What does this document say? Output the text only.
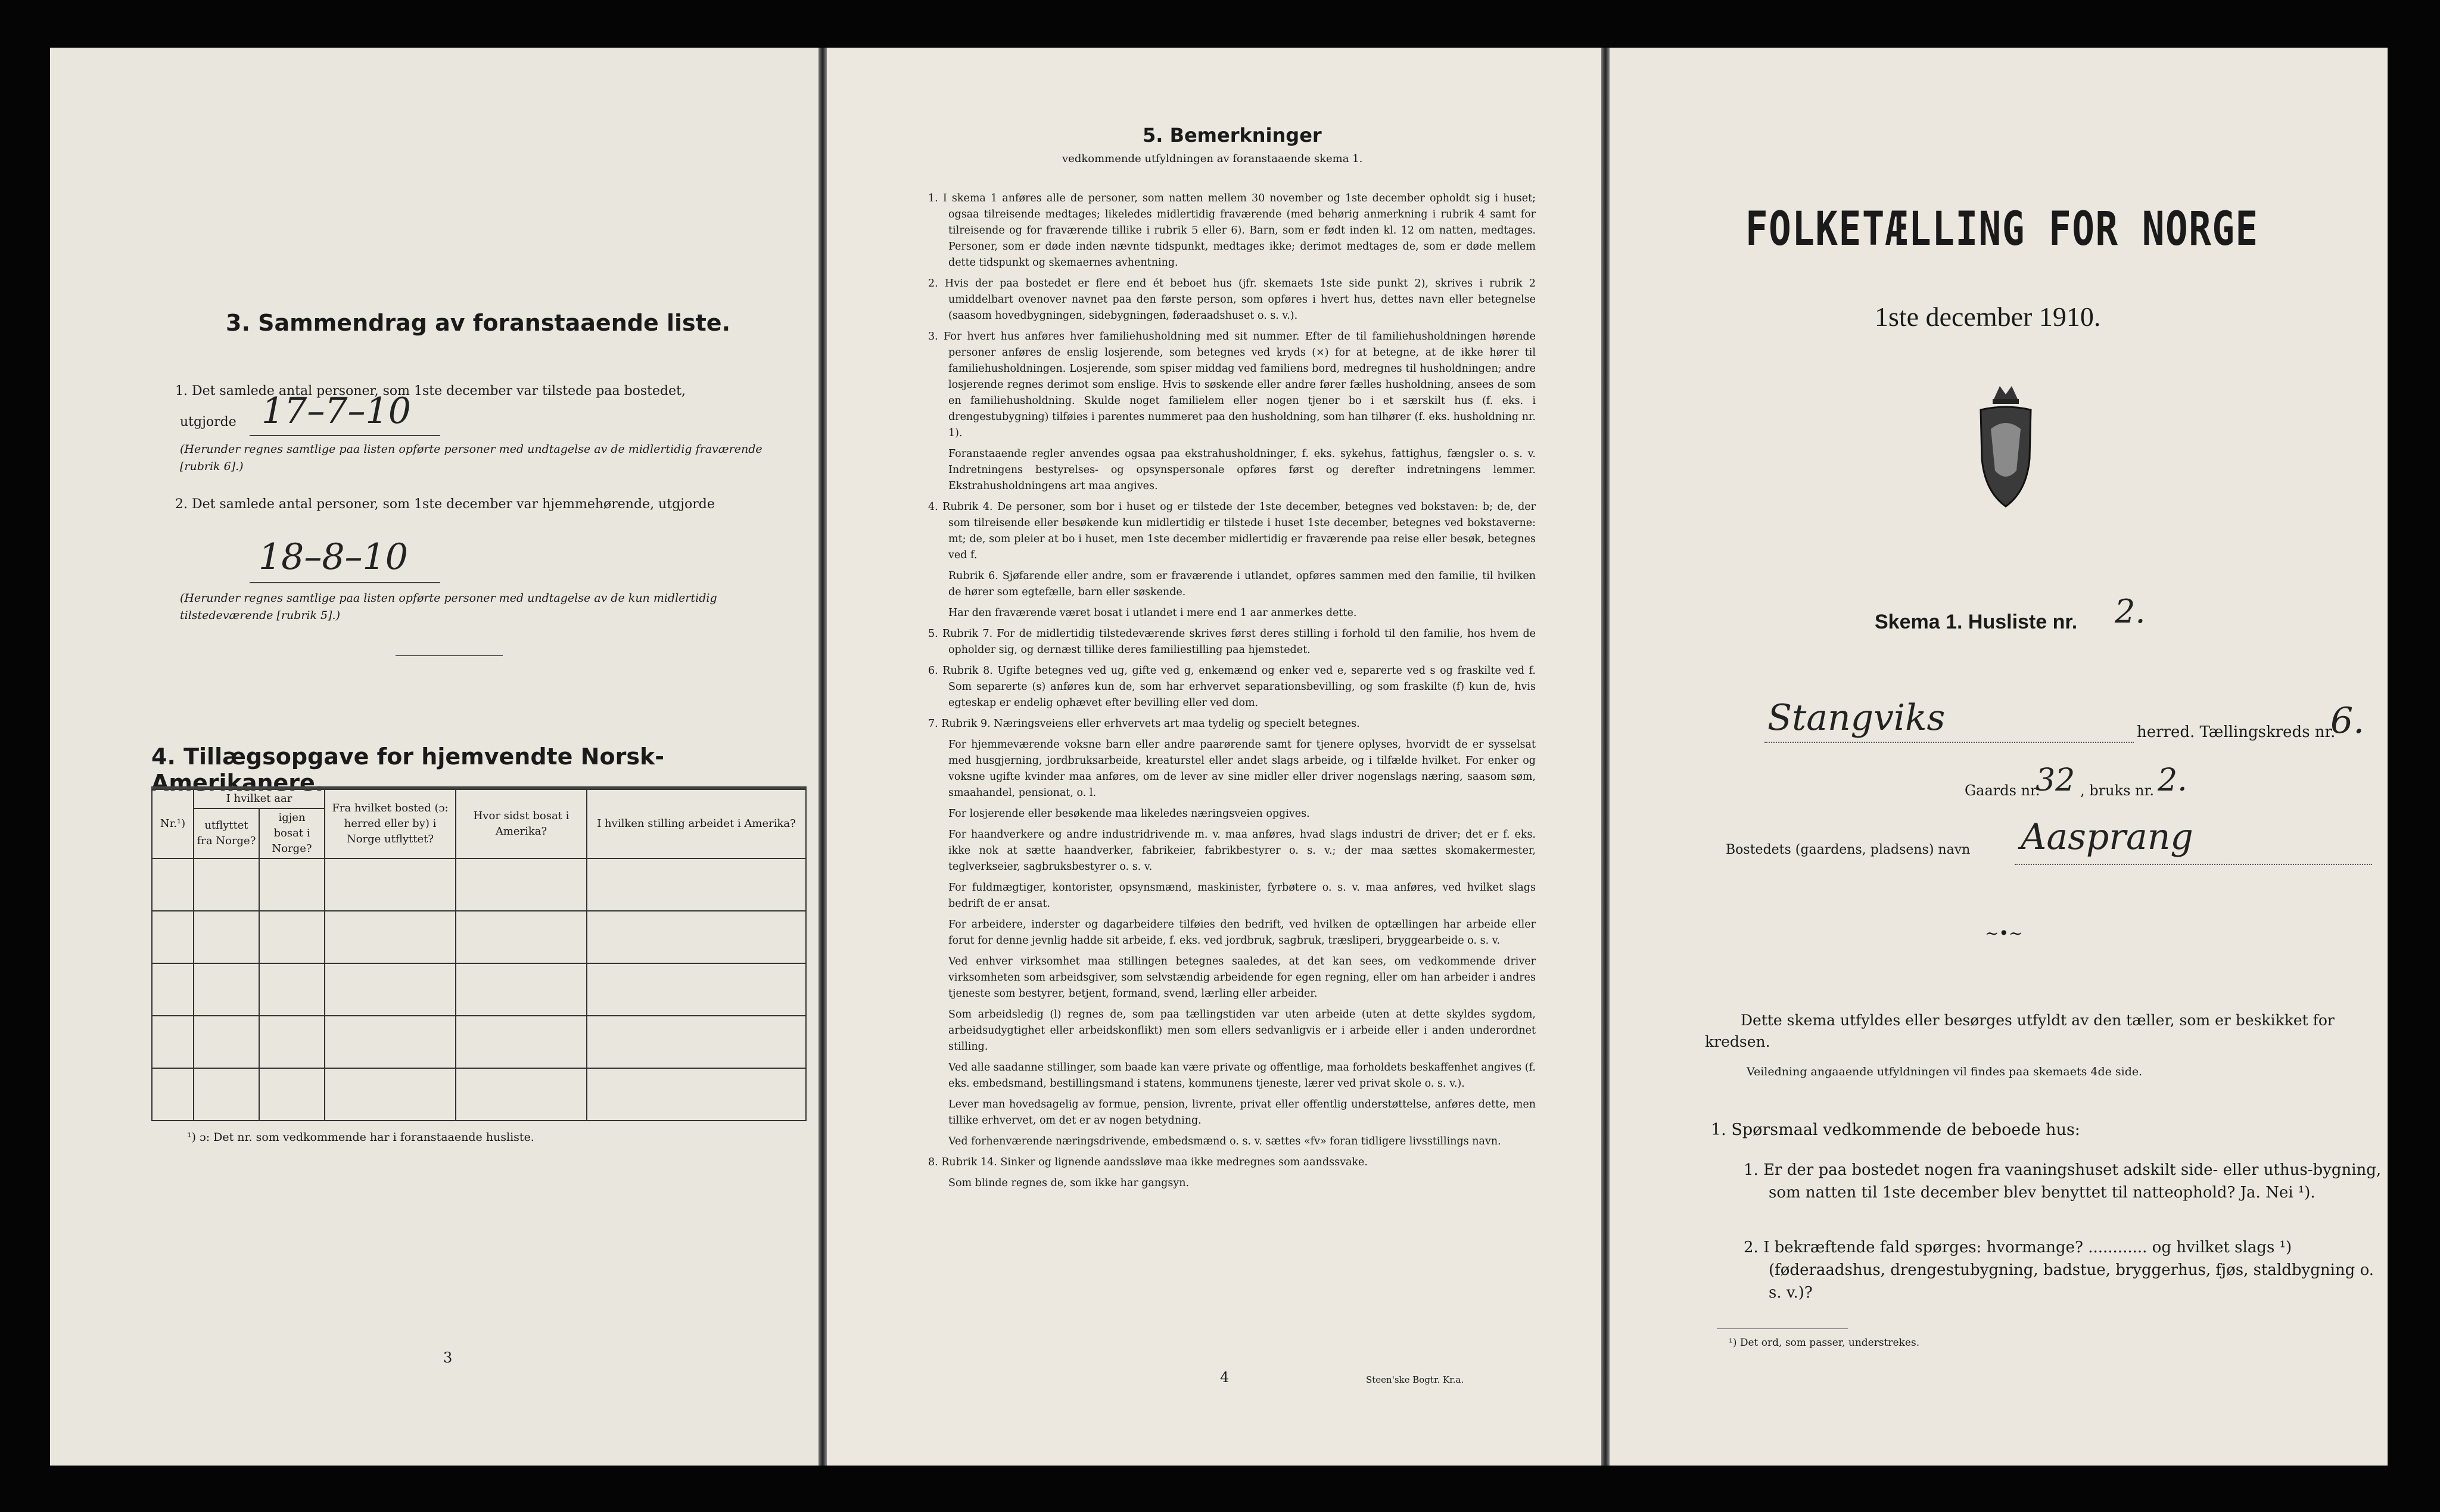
3. Sammendrag av foranstaaende liste.
1. Det samlede antal personer, som 1ste december var tilstede paa bostedet,
utgjorde 17–7–10
(Herunder regnes samtlige paa listen opførte personer med undtagelse av de midlertidig fraværende [rubrik 6].)
2. Det samlede antal personer, som 1ste december var hjemmehørende, utgjorde
18–8–10
(Herunder regnes samtlige paa listen opførte personer med undtagelse av de kun midlertidig tilstedeværende [rubrik 5].)
4. Tillægsopgave for hjemvendte Norsk-Amerikanere.
Nr.¹)	I hvilket aar		Fra hvilket bosted (ɔ: herred eller by) i Norge utflyttet?	Hvor sidst bosat i Amerika?	I hvilken stilling arbeidet i Amerika?
	utflyttet fra Norge?	igjen bosat i Norge?			

¹) ɔ: Det nr. som vedkommende har i foranstaaende husliste.
3
5. Bemerkninger
vedkommende utfyldningen av foranstaaende skema 1.

1. I skema 1 anføres alle de personer, som natten mellem 30 november og 1ste december opholdt sig i huset; ogsaa tilreisende medtages; likeledes midlertidig fraværende (med behørig anmerkning i rubrik 4 samt for tilreisende og for fraværende tillike i rubrik 5 eller 6). Barn, som er født inden kl. 12 om natten, medtages. Personer, som er døde inden nævnte tidspunkt, medtages ikke; derimot medtages de, som er døde mellem dette tidspunkt og skemaernes avhentning.

2. Hvis der paa bostedet er flere end ét beboet hus (jfr. skemaets 1ste side punkt 2), skrives i rubrik 2 umiddelbart ovenover navnet paa den første person, som opføres i hvert hus, dettes navn eller betegnelse (saasom hovedbygningen, sidebygningen, føderaadshuset o. s. v.).

3. For hvert hus anføres hver familiehusholdning med sit nummer. Efter de til familiehusholdningen hørende personer anføres de enslig losjerende, som betegnes ved kryds (×) for at betegne, at de ikke hører til familiehusholdningen. Losjerende, som spiser middag ved familiens bord, medregnes til husholdningen; andre losjerende regnes derimot som enslige. Hvis to søskende eller andre fører fælles husholdning, ansees de som en familiehusholdning. Skulde noget familielem eller nogen tjener bo i et særskilt hus (f. eks. i drengestubygning) tilføies i parentes nummeret paa den husholdning, som han tilhører (f. eks. husholdning nr. 1).

Foranstaaende regler anvendes ogsaa paa ekstrahusholdninger, f. eks. sykehus, fattighus, fængsler o. s. v. Indretningens bestyrelses- og opsynspersonale opføres først og derefter indretningens lemmer. Ekstrahusholdningens art maa angives.

4. Rubrik 4. De personer, som bor i huset og er tilstede der 1ste december, betegnes ved bokstaven: b; de, der som tilreisende eller besøkende kun midlertidig er tilstede i huset 1ste december, betegnes ved bokstaverne: mt; de, som pleier at bo i huset, men 1ste december midlertidig er fraværende paa reise eller besøk, betegnes ved f.

Rubrik 6. Sjøfarende eller andre, som er fraværende i utlandet, opføres sammen med den familie, til hvilken de hører som egtefælle, barn eller søskende.

Har den fraværende været bosat i utlandet i mere end 1 aar anmerkes dette.

5. Rubrik 7. For de midlertidig tilstedeværende skrives først deres stilling i forhold til den familie, hos hvem de opholder sig, og dernæst tillike deres familiestilling paa hjemstedet.

6. Rubrik 8. Ugifte betegnes ved ug, gifte ved g, enkemænd og enker ved e, separerte ved s og fraskilte ved f. Som separerte (s) anføres kun de, som har erhvervet separationsbevilling, og som fraskilte (f) kun de, hvis egteskap er endelig ophævet efter bevilling eller ved dom.

7. Rubrik 9. Næringsveiens eller erhvervets art maa tydelig og specielt betegnes.

For hjemmeværende voksne barn eller andre paarørende samt for tjenere oplyses, hvorvidt de er sysselsat med husgjerning, jordbruksarbeide, kreaturstel eller andet slags arbeide, og i tilfælde hvilket. For enker og voksne ugifte kvinder maa anføres, om de lever av sine midler eller driver nogenslags næring, saasom søm, smaahandel, pensionat, o. l.

For losjerende eller besøkende maa likeledes næringsveien opgives.

For haandverkere og andre industridrivende m. v. maa anføres, hvad slags industri de driver; det er f. eks. ikke nok at sætte haandverker, fabrikeier, fabrikbestyrer o. s. v.; der maa sættes skomakermester, teglverkseier, sagbruksbestyrer o. s. v.

For fuldmægtiger, kontorister, opsynsmænd, maskinister, fyrbøtere o. s. v. maa anføres, ved hvilket slags bedrift de er ansat.

For arbeidere, inderster og dagarbeidere tilføies den bedrift, ved hvilken de optællingen har arbeide eller forut for denne jevnlig hadde sit arbeide, f. eks. ved jordbruk, sagbruk, træsliperi, bryggearbeide o. s. v.

Ved enhver virksomhet maa stillingen betegnes saaledes, at det kan sees, om vedkommende driver virksomheten som arbeidsgiver, som selvstændig arbeidende for egen regning, eller om han arbeider i andres tjeneste som bestyrer, betjent, formand, svend, lærling eller arbeider.

Som arbeidsledig (l) regnes de, som paa tællingstiden var uten arbeide (uten at dette skyldes sygdom, arbeidsudygtighet eller arbeidskonflikt) men som ellers sedvanligvis er i arbeide eller i anden underordnet stilling.

Ved alle saadanne stillinger, som baade kan være private og offentlige, maa forholdets beskaffenhet angives (f. eks. embedsmand, bestillingsmand i statens, kommunens tjeneste, lærer ved privat skole o. s. v.).

Lever man hovedsagelig av formue, pension, livrente, privat eller offentlig understøttelse, anføres dette, men tillike erhvervet, om det er av nogen betydning.

Ved forhenværende næringsdrivende, embedsmænd o. s. v. sættes «fv» foran tidligere livsstillings navn.

8. Rubrik 14. Sinker og lignende aandssløve maa ikke medregnes som aandssvake.

Som blinde regnes de, som ikke har gangsyn.

4	Steen'ske Bogtr. Kr.a.
FOLKETÆLLING FOR NORGE
1ste december 1910.
Skema 1. Husliste nr. 2.
Stangviks	herred. Tællingskreds nr.
6.
Gaards nr.
32 , bruks nr. 2.
Bostedets (gaardens, pladsens) navn Aasprang
~•~
Dette skema utfyldes eller besørges utfyldt av den tæller, som er beskikket for kredsen.
Veiledning angaaende utfyldningen vil findes paa skemaets 4de side.
1. Spørsmaal vedkommende de beboede hus:
1. Er der paa bostedet nogen fra vaaningshuset adskilt side- eller uthus-bygning, som natten til 1ste december blev benyttet til natteophold? Ja. Nei ¹).
2. I bekræftende fald spørges: hvormange? ............ og hvilket slags ¹) (føderaadshus, drengestubygning, badstue, bryggerhus, fjøs, staldbygning o. s. v.)?
¹) Det ord, som passer, understrekes.
